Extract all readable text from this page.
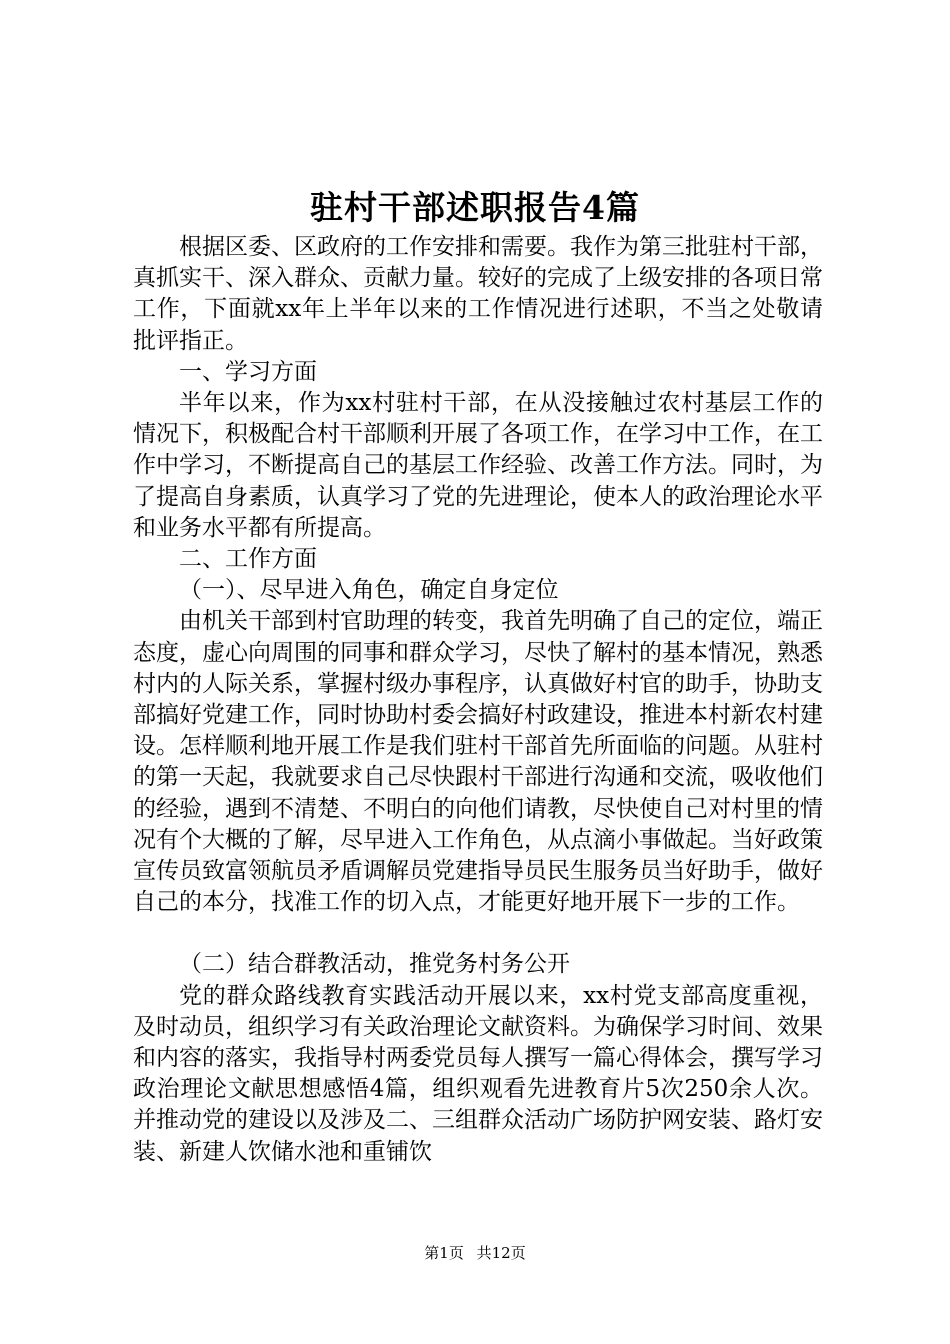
驻村干部述职报告4篇

根据区委、区政府的工作安排和需要。我作为第三批驻村干部，真抓实干、深入群众、贡献力量。较好的完成了上级安排的各项日常工作，下面就xx年上半年以来的工作情况进行述职，不当之处敬请批评指正。

一、学习方面

半年以来，作为xx村驻村干部，在从没接触过农村基层工作的情况下，积极配合村干部顺利开展了各项工作，在学习中工作，在工作中学习，不断提高自己的基层工作经验、改善工作方法。同时，为了提高自身素质，认真学习了党的先进理论，使本人的政治理论水平和业务水平都有所提高。

二、工作方面

（一）、尽早进入角色，确定自身定位

由机关干部到村官助理的转变，我首先明确了自己的定位，端正态度，虚心向周围的同事和群众学习，尽快了解村的基本情况，熟悉村内的人际关系，掌握村级办事程序，认真做好村官的助手，协助支部搞好党建工作，同时协助村委会搞好村政建设，推进本村新农村建设。怎样顺利地开展工作是我们驻村干部首先所面临的问题。从驻村的第一天起，我就要求自己尽快跟村干部进行沟通和交流，吸收他们的经验，遇到不清楚、不明白的向他们请教，尽快使自己对村里的情况有个大概的了解，尽早进入工作角色，从点滴小事做起。当好政策宣传员致富领航员矛盾调解员党建指导员民生服务员当好助手，做好自己的本分，找准工作的切入点，才能更好地开展下一步的工作。

（二）结合群教活动，推党务村务公开

党的群众路线教育实践活动开展以来，xx村党支部高度重视，及时动员，组织学习有关政治理论文献资料。为确保学习时间、效果和内容的落实，我指导村两委党员每人撰写一篇心得体会，撰写学习政治理论文献思想感悟4篇，组织观看先进教育片5次250余人次。并推动党的建设以及涉及二、三组群众活动广场防护网安装、路灯安装、新建人饮储水池和重铺饮

第1页 共12页
